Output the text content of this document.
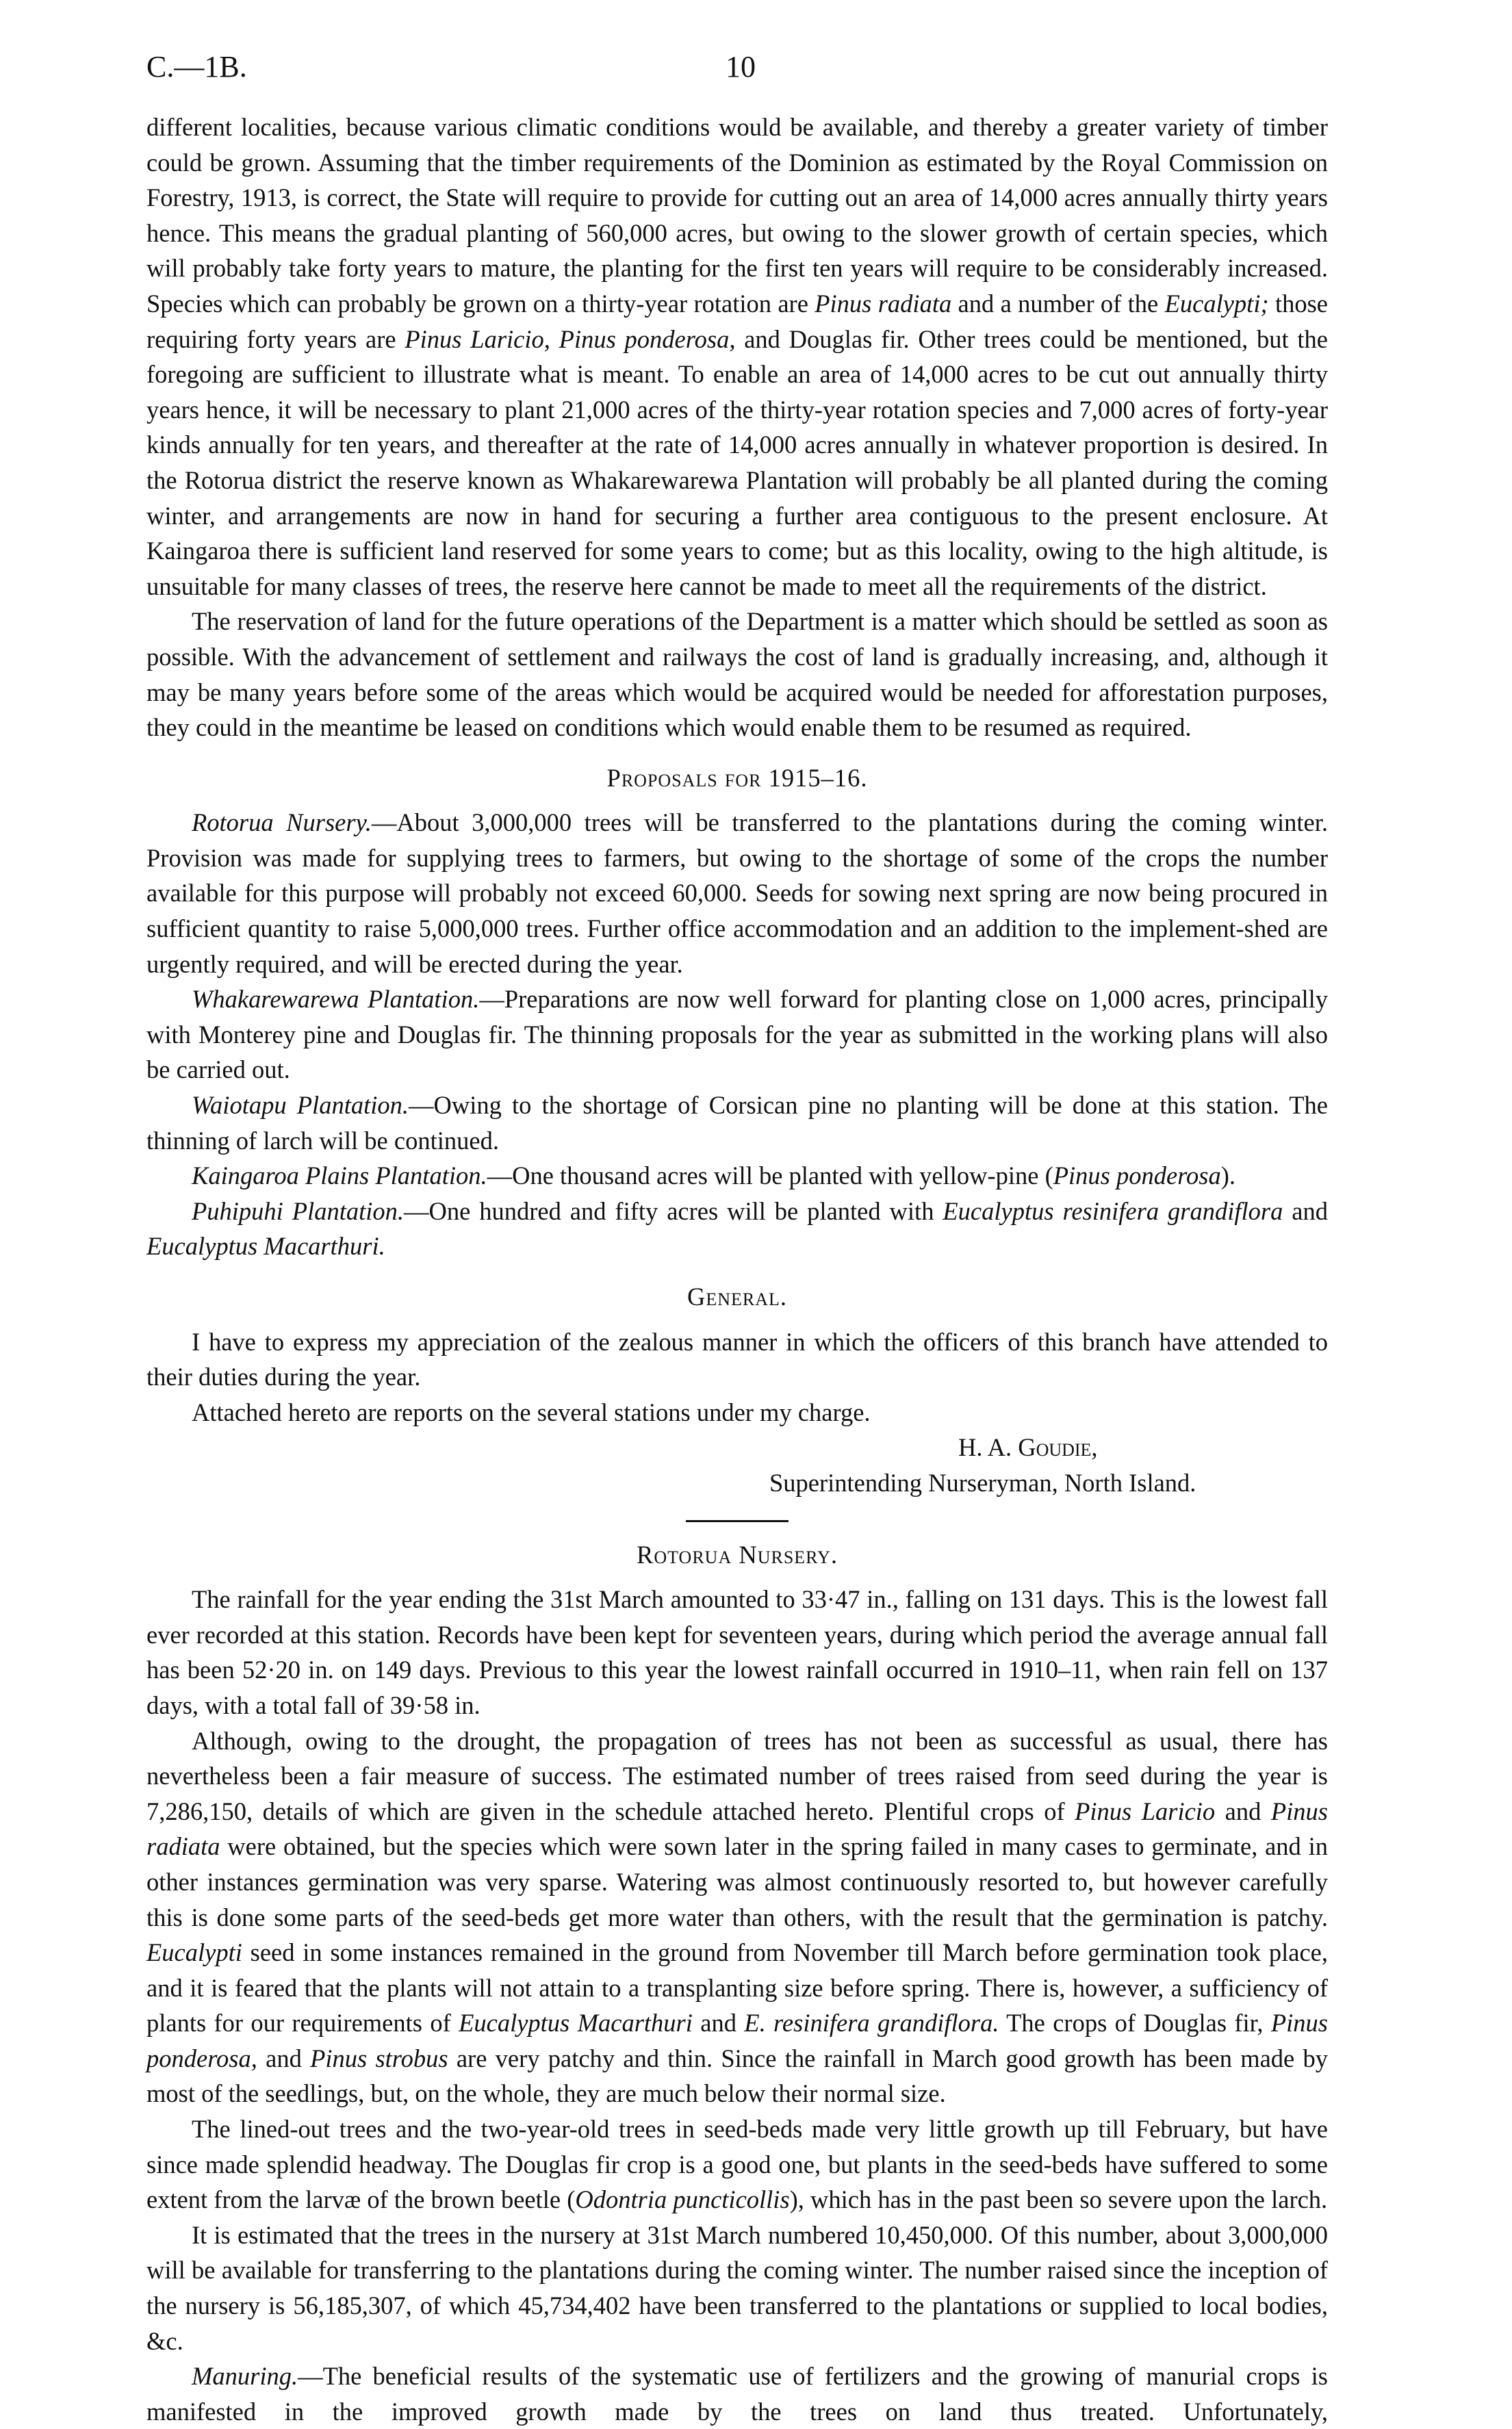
C.—1B.	10

different localities, because various climatic conditions would be available, and thereby a greater variety of timber could be grown. Assuming that the timber requirements of the Dominion as estimated by the Royal Commission on Forestry, 1913, is correct, the State will require to provide for cutting out an area of 14,000 acres annually thirty years hence. This means the gradual planting of 560,000 acres, but owing to the slower growth of certain species, which will probably take forty years to mature, the planting for the first ten years will require to be considerably increased. Species which can probably be grown on a thirty-year rotation are Pinus radiata and a number of the Eucalypti; those requiring forty years are Pinus Laricio, Pinus ponderosa, and Douglas fir. Other trees could be mentioned, but the foregoing are sufficient to illustrate what is meant. To enable an area of 14,000 acres to be cut out annually thirty years hence, it will be necessary to plant 21,000 acres of the thirty-year rotation species and 7,000 acres of forty-year kinds annually for ten years, and thereafter at the rate of 14,000 acres annually in whatever proportion is desired. In the Rotorua district the reserve known as Whakarewarewa Plantation will probably be all planted during the coming winter, and arrangements are now in hand for securing a further area contiguous to the present enclosure. At Kaingaroa there is sufficient land reserved for some years to come; but as this locality, owing to the high altitude, is unsuitable for many classes of trees, the reserve here cannot be made to meet all the requirements of the district.

The reservation of land for the future operations of the Department is a matter which should be settled as soon as possible. With the advancement of settlement and railways the cost of land is gradually increasing, and, although it may be many years before some of the areas which would be acquired would be needed for afforestation purposes, they could in the meantime be leased on conditions which would enable them to be resumed as required.

Proposals for 1915–16.

Rotorua Nursery.—About 3,000,000 trees will be transferred to the plantations during the coming winter. Provision was made for supplying trees to farmers, but owing to the shortage of some of the crops the number available for this purpose will probably not exceed 60,000. Seeds for sowing next spring are now being procured in sufficient quantity to raise 5,000,000 trees. Further office accommodation and an addition to the implement-shed are urgently required, and will be erected during the year.

Whakarewarewa Plantation.—Preparations are now well forward for planting close on 1,000 acres, principally with Monterey pine and Douglas fir. The thinning proposals for the year as submitted in the working plans will also be carried out.

Waiotapu Plantation.—Owing to the shortage of Corsican pine no planting will be done at this station. The thinning of larch will be continued.

Kaingaroa Plains Plantation.—One thousand acres will be planted with yellow-pine (Pinus ponderosa).

Puhipuhi Plantation.—One hundred and fifty acres will be planted with Eucalyptus resinifera grandiflora and Eucalyptus Macarthuri.

General.

I have to express my appreciation of the zealous manner in which the officers of this branch have attended to their duties during the year.

Attached hereto are reports on the several stations under my charge.

H. A. Goudie,
Superintending Nurseryman, North Island.
Rotorua Nursery.

The rainfall for the year ending the 31st March amounted to 33·47 in., falling on 131 days. This is the lowest fall ever recorded at this station. Records have been kept for seventeen years, during which period the average annual fall has been 52·20 in. on 149 days. Previous to this year the lowest rainfall occurred in 1910–11, when rain fell on 137 days, with a total fall of 39·58 in.

Although, owing to the drought, the propagation of trees has not been as successful as usual, there has nevertheless been a fair measure of success. The estimated number of trees raised from seed during the year is 7,286,150, details of which are given in the schedule attached hereto. Plentiful crops of Pinus Laricio and Pinus radiata were obtained, but the species which were sown later in the spring failed in many cases to germinate, and in other instances germination was very sparse. Watering was almost continuously resorted to, but however carefully this is done some parts of the seed-beds get more water than others, with the result that the germination is patchy. Eucalypti seed in some instances remained in the ground from November till March before germination took place, and it is feared that the plants will not attain to a transplanting size before spring. There is, however, a sufficiency of plants for our requirements of Eucalyptus Macarthuri and E. resinifera grandiflora. The crops of Douglas fir, Pinus ponderosa, and Pinus strobus are very patchy and thin. Since the rainfall in March good growth has been made by most of the seedlings, but, on the whole, they are much below their normal size.

The lined-out trees and the two-year-old trees in seed-beds made very little growth up till February, but have since made splendid headway. The Douglas fir crop is a good one, but plants in the seed-beds have suffered to some extent from the larvæ of the brown beetle (Odontria puncticollis), which has in the past been so severe upon the larch.

It is estimated that the trees in the nursery at 31st March numbered 10,450,000. Of this number, about 3,000,000 will be available for transferring to the plantations during the coming winter. The number raised since the inception of the nursery is 56,185,307, of which 45,734,402 have been transferred to the plantations or supplied to local bodies, &c.

Manuring.—The beneficial results of the systematic use of fertilizers and the growing of manurial crops is manifested in the improved growth made by the trees on land thus treated. Unfortunately,
